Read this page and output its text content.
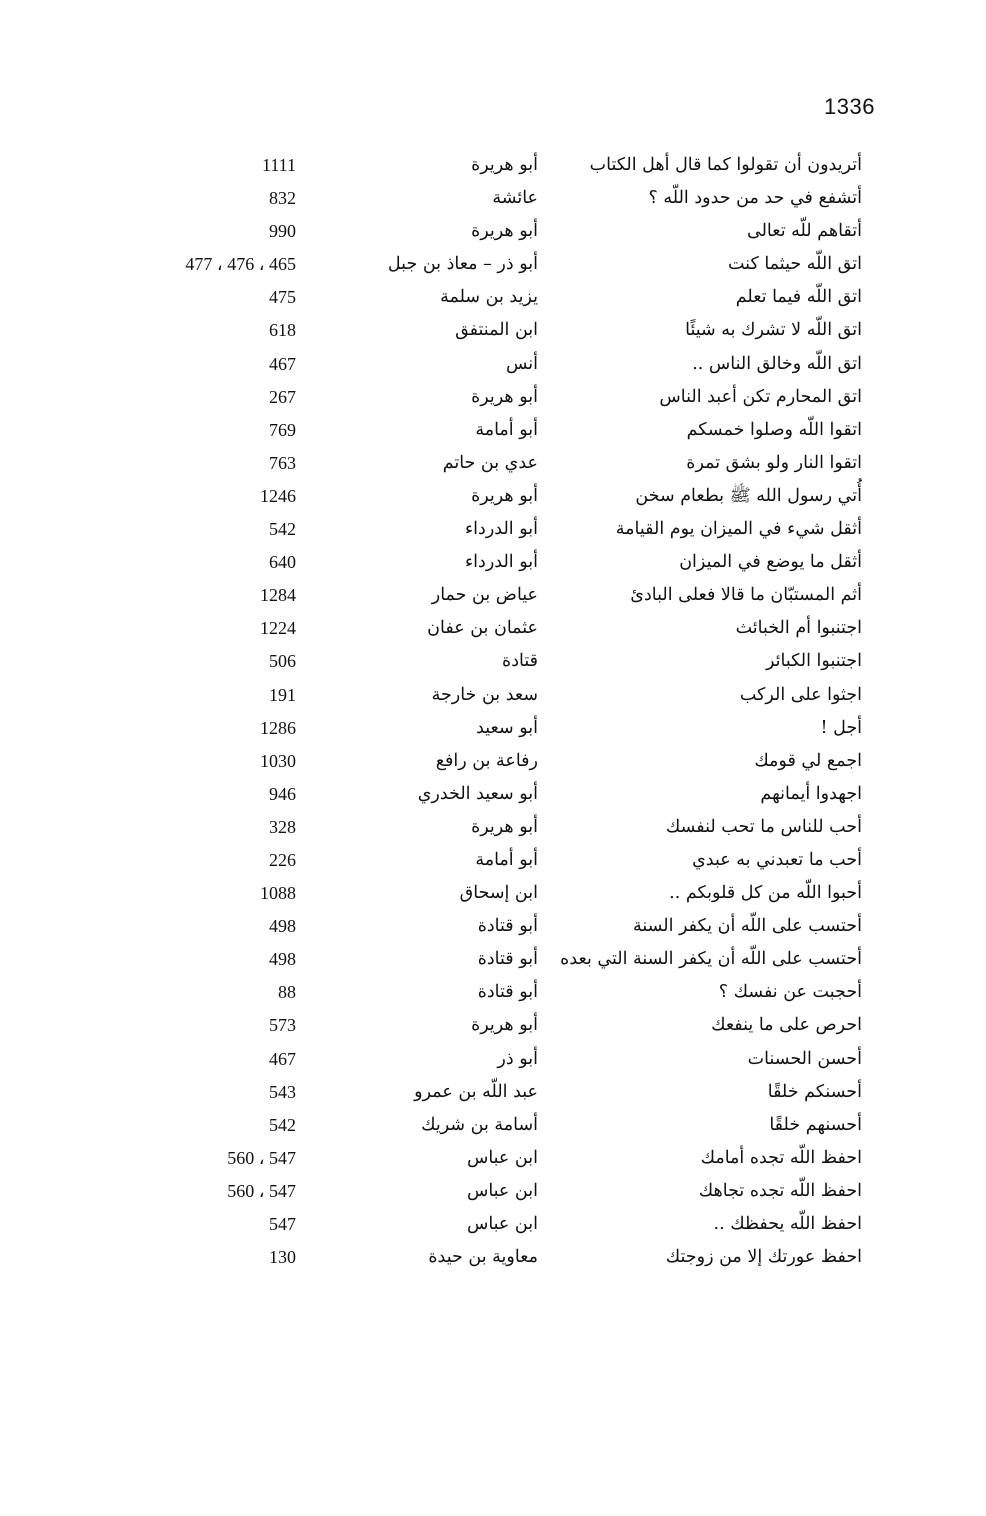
1336
أتريدون أن تقولوا كما قال أهل الكتاب
أبو هريرة
1111
أتشفع في حد من حدود اللّه ؟
عائشة
832
أتقاهم للّه تعالى
أبو هريرة
990
اتق اللّه حيثما كنت
أبو ذر – معاذ بن جبل
465 ، 476 ، 477
اتق اللّه فيما تعلم
يزيد بن سلمة
475
اتق اللّه لا تشرك به شيئًا
ابن المنتفق
618
اتق اللّه وخالق الناس ..
أنس
467
اتق المحارم تكن أعبد الناس
أبو هريرة
267
اتقوا اللّه وصلوا خمسكم
أبو أمامة
769
اتقوا النار ولو بشق تمرة
عدي بن حاتم
763
أُتي رسول الله ﷺ بطعام سخن
أبو هريرة
1246
أثقل شيء في الميزان يوم القيامة
أبو الدرداء
542
أثقل ما يوضع في الميزان
أبو الدرداء
640
أثم المستبّان ما قالا فعلى البادئ
عياض بن حمار
1284
اجتنبوا أم الخبائث
عثمان بن عفان
1224
اجتنبوا الكبائر
قتادة
506
اجثوا على الركب
سعد بن خارجة
191
أجل !
أبو سعيد
1286
اجمع لي قومك
رفاعة بن رافع
1030
اجهدوا أيمانهم
أبو سعيد الخدري
946
أحب للناس ما تحب لنفسك
أبو هريرة
328
أحب ما تعبدني به عبدي
أبو أمامة
226
أحبوا اللّه من كل قلوبكم ..
ابن إسحاق
1088
أحتسب على اللّه أن يكفر السنة
أبو قتادة
498
أحتسب على اللّه أن يكفر السنة التي بعده
أبو قتادة
498
أحجبت عن نفسك ؟
أبو قتادة
88
احرص على ما ينفعك
أبو هريرة
573
أحسن الحسنات
أبو ذر
467
أحسنكم خلقًا
عبد اللّه بن عمرو
543
أحسنهم خلقًا
أسامة بن شريك
542
احفظ اللّه تجده أمامك
ابن عباس
547 ، 560
احفظ اللّه تجده تجاهك
ابن عباس
547 ، 560
احفظ اللّه يحفظك ..
ابن عباس
547
احفظ عورتك إلا من زوجتك
معاوية بن حيدة
130
